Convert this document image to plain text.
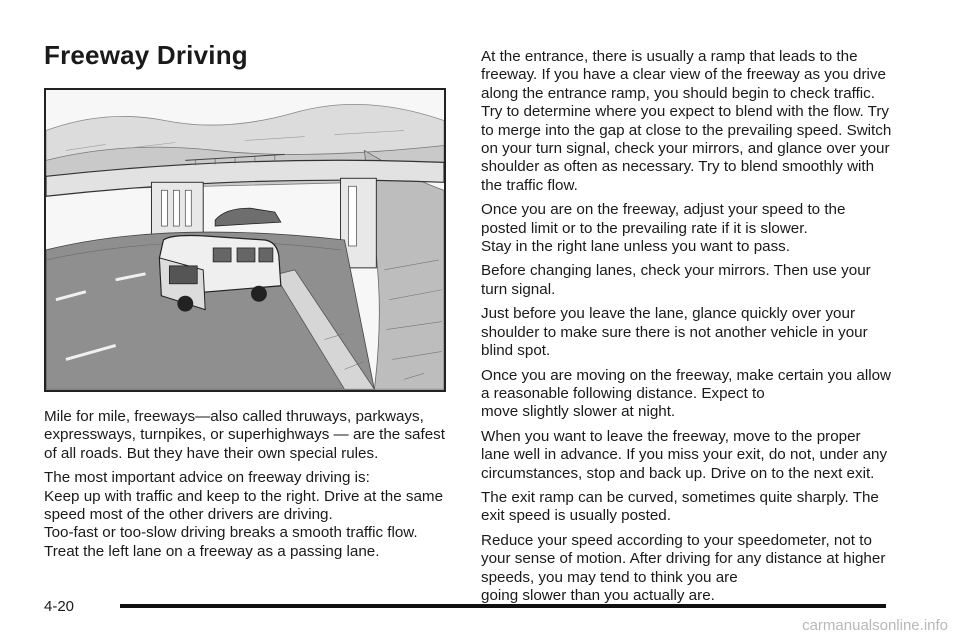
Freeway Driving

Mile for mile, freeways—also called thruways, parkways, expressways, turnpikes, or superhighways — are the safest of all roads. But they have their own special rules.

The most important advice on freeway driving is:
Keep up with traffic and keep to the right. Drive at the same speed most of the other drivers are driving.
Too-fast or too-slow driving breaks a smooth traffic flow.
Treat the left lane on a freeway as a passing lane.

At the entrance, there is usually a ramp that leads to the freeway. If you have a clear view of the freeway as you drive along the entrance ramp, you should begin to check traffic. Try to determine where you expect to blend with the flow. Try to merge into the gap at close to the prevailing speed. Switch on your turn signal, check your mirrors, and glance over your shoulder as often as necessary. Try to blend smoothly with the traffic flow.

Once you are on the freeway, adjust your speed to the posted limit or to the prevailing rate if it is slower.
Stay in the right lane unless you want to pass.

Before changing lanes, check your mirrors. Then use your turn signal.

Just before you leave the lane, glance quickly over your shoulder to make sure there is not another vehicle in your blind spot.

Once you are moving on the freeway, make certain you allow a reasonable following distance. Expect to
move slightly slower at night.

When you want to leave the freeway, move to the proper lane well in advance. If you miss your exit, do not, under any circumstances, stop and back up. Drive on to the next exit.

The exit ramp can be curved, sometimes quite sharply. The exit speed is usually posted.

Reduce your speed according to your speedometer, not to your sense of motion. After driving for any distance at higher speeds, you may tend to think you are
going slower than you actually are.

4-20
carmanualsonline.info
